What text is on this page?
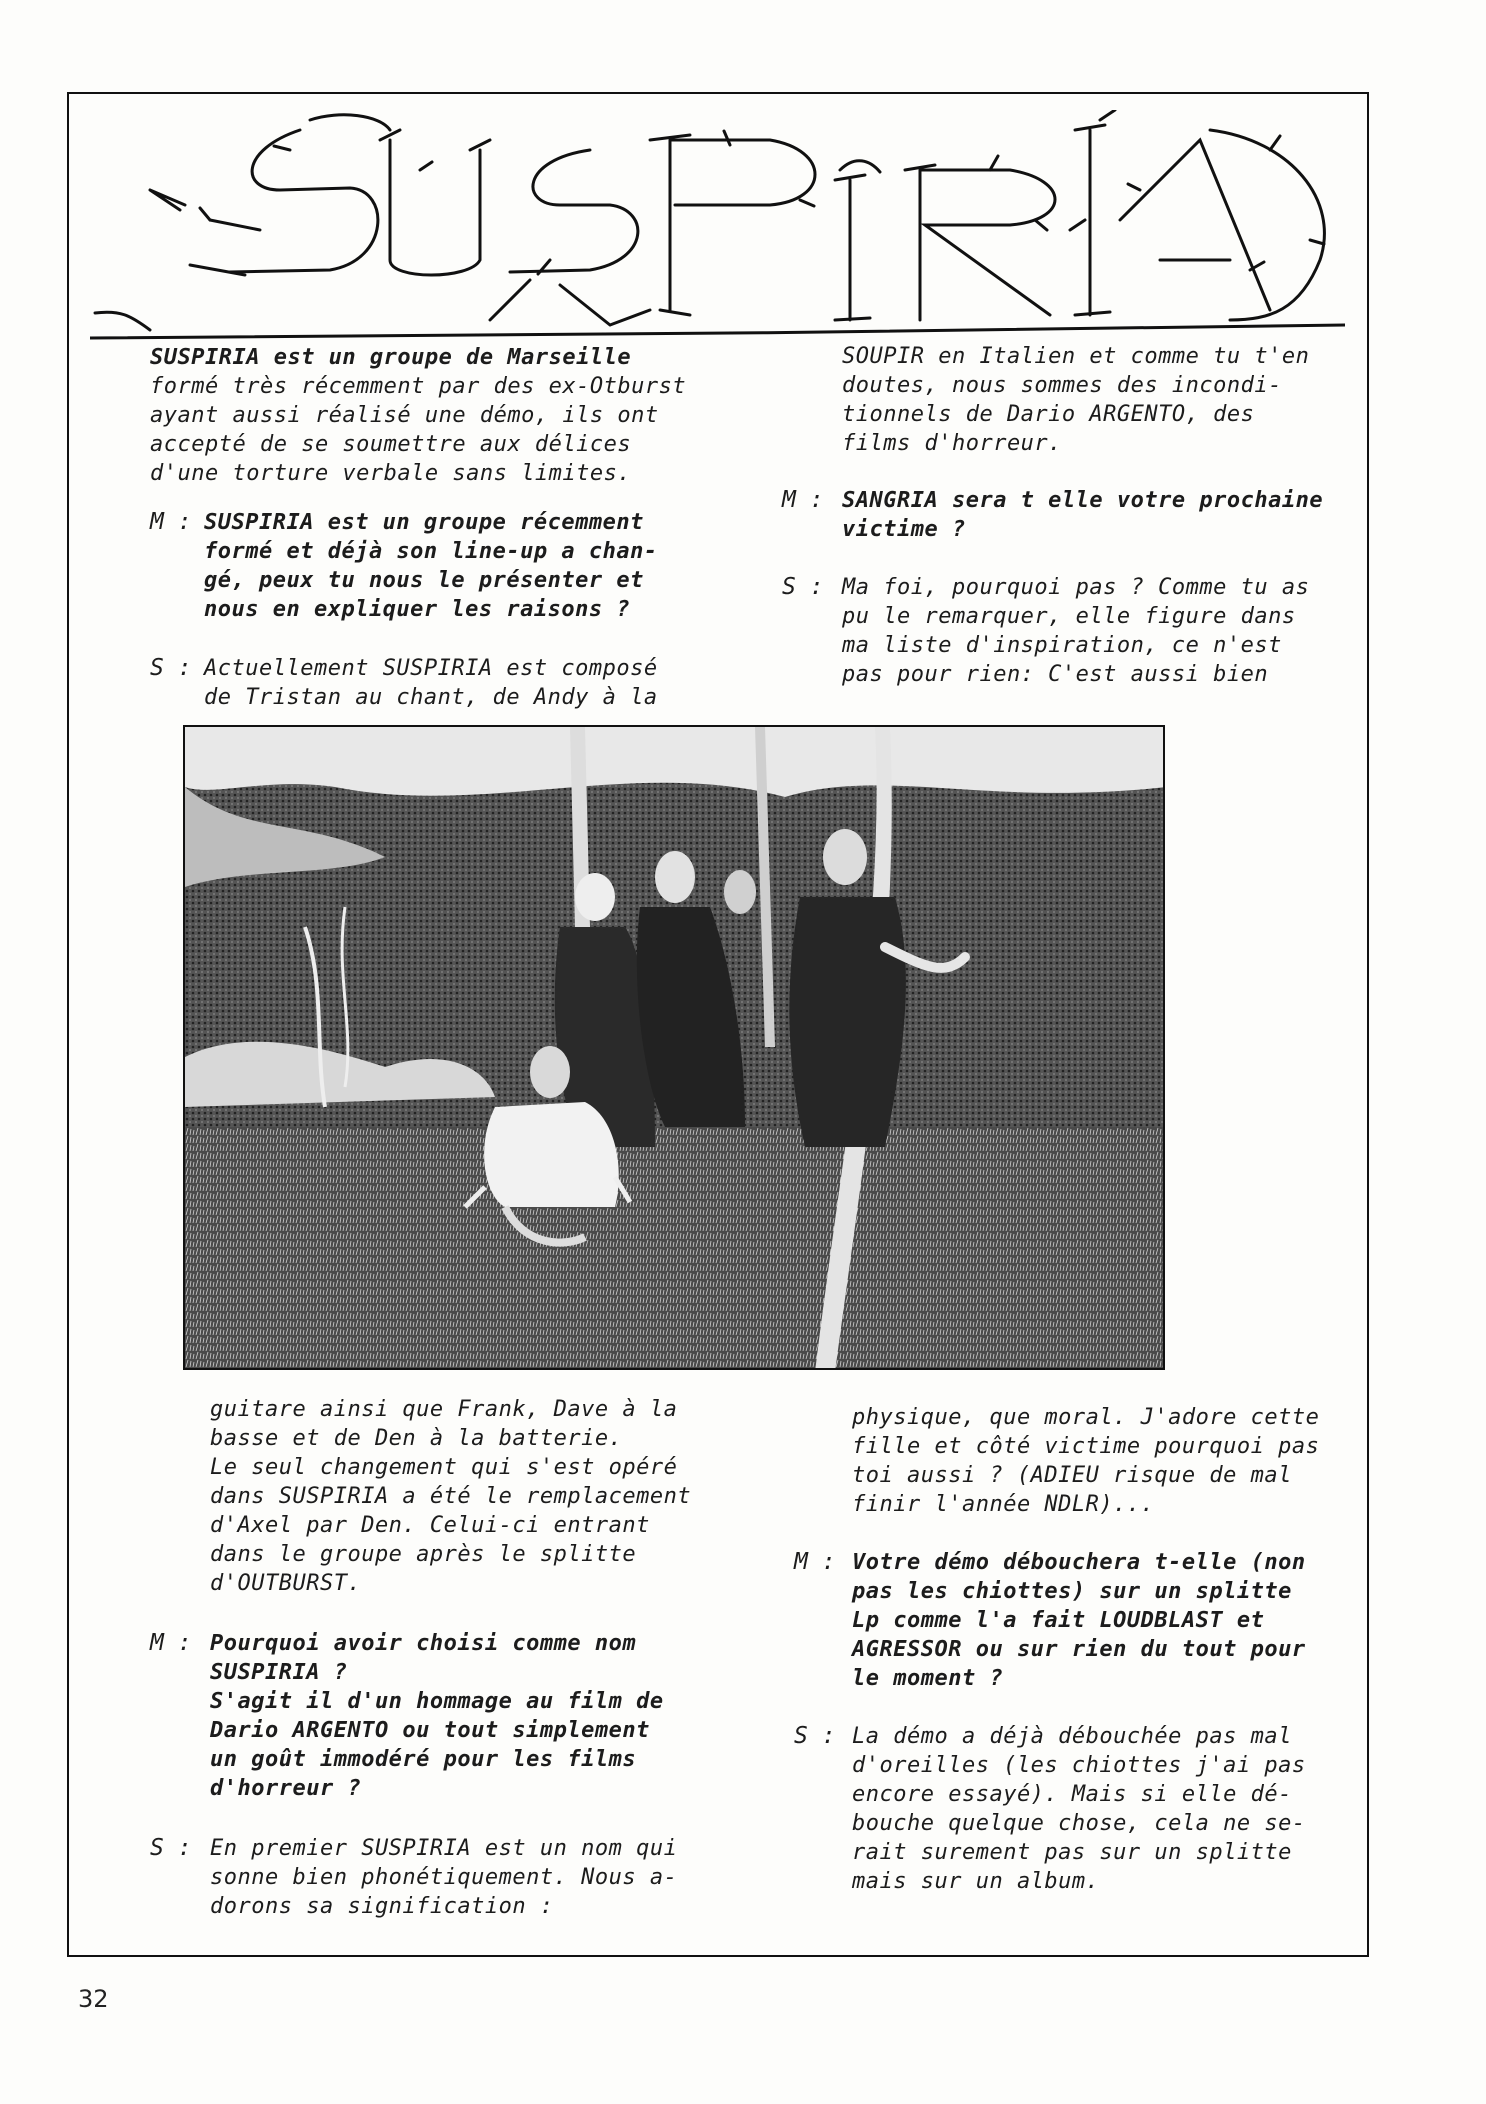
SUSPIRIA est un groupe de Marseille
formé très récemment par des ex-Otburst
ayant aussi réalisé une démo, ils ont
accepté de se soumettre aux délices
d'une torture verbale sans limites.
M : SUSPIRIA est un groupe récemment
formé et déjà son line-up a chan-
gé, peux tu nous le présenter et
nous en expliquer les raisons ?
S : Actuellement SUSPIRIA est composé
de Tristan au chant, de Andy à la
SOUPIR en Italien et comme tu t'en
doutes, nous sommes des incondi-
tionnels de Dario ARGENTO, des
films d'horreur.
M : SANGRIA sera t elle votre prochaine
victime ?
S : Ma foi, pourquoi pas ? Comme tu as
pu le remarquer, elle figure dans
ma liste d'inspiration, ce n'est
pas pour rien: C'est aussi bien
guitare ainsi que Frank, Dave à la
basse et de Den à la batterie.
Le seul changement qui s'est opéré
dans SUSPIRIA a été le remplacement
d'Axel par Den. Celui-ci entrant
dans le groupe après le splitte
d'OUTBURST.
M : Pourquoi avoir choisi comme nom
SUSPIRIA ?
S'agit il d'un hommage au film de
Dario ARGENTO ou tout simplement
un goût immodéré pour les films
d'horreur ?
S : En premier SUSPIRIA est un nom qui
sonne bien phonétiquement. Nous a-
dorons sa signification :
physique, que moral. J'adore cette
fille et côté victime pourquoi pas
toi aussi ? (ADIEU risque de mal
finir l'année NDLR)...
M : Votre démo débouchera t-elle (non
pas les chiottes) sur un splitte
Lp comme l'a fait LOUDBLAST et
AGRESSOR ou sur rien du tout pour
le moment ?
S : La démo a déjà débouchée pas mal
d'oreilles (les chiottes j'ai pas
encore essayé). Mais si elle dé-
bouche quelque chose, cela ne se-
rait surement pas sur un splitte
mais sur un album.
32
